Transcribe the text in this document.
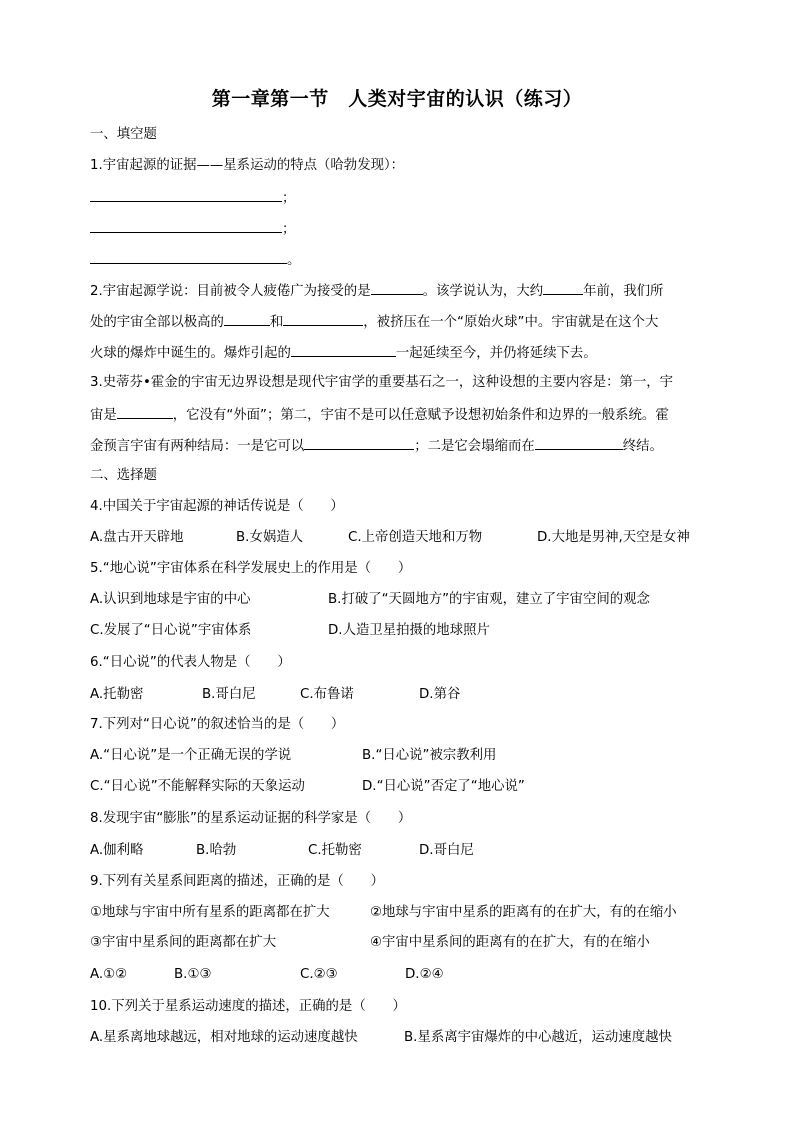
第一章第一节　人类对宇宙的认识（练习）
一、填空题
1.宇宙起源的证据——星系运动的特点（哈勃发现）：
；
；
。
2.宇宙起源学说：目前被令人疲倦广为接受的是	。该学说认为，大约	年前，我们所
处的宇宙全部以极高的	和	，被挤压在一个“原始火球”中。宇宙就是在这个大
火球的爆炸中诞生的。爆炸引起的	一起延续至今，并仍将延续下去。
3.史蒂芬•霍金的宇宙无边界设想是现代宇宙学的重要基石之一，这种设想的主要内容是：第一，宇
宙是	，它没有“外面”；第二，宇宙不是可以任意赋予设想初始条件和边界的一般系统。霍
金预言宇宙有两种结局：一是它可以	；二是它会塌缩而在	终结。
二、选择题
4.中国关于宇宙起源的神话传说是（　　）
A.盘古开天辟地	B.女娲造人	C.上帝创造天地和万物	D.大地是男神,天空是女神
5.“地心说”宇宙体系在科学发展史上的作用是（　　）
A.认识到地球是宇宙的中心	B.打破了“天圆地方”的宇宙观，建立了宇宙空间的观念
C.发展了“日心说”宇宙体系	D.人造卫星拍摄的地球照片
6.“日心说”的代表人物是（　　）
A.托勒密	B.哥白尼	C.布鲁诺	D.第谷
7.下列对“日心说”的叙述恰当的是（　　）
A.“日心说”是一个正确无误的学说	B.“日心说”被宗教利用
C.“日心说”不能解释实际的天象运动	D.“日心说”否定了“地心说”
8.发现宇宙“膨胀”的星系运动证据的科学家是（　　）
A.伽利略	B.哈勃	C.托勒密	D.哥白尼
9.下列有关星系间距离的描述，正确的是（　　）
①地球与宇宙中所有星系的距离都在扩大	②地球与宇宙中星系的距离有的在扩大，有的在缩小
③宇宙中星系间的距离都在扩大	④宇宙中星系间的距离有的在扩大，有的在缩小
A.①②	B.①③	C.②③	D.②④
10.下列关于星系运动速度的描述，正确的是（　　）
A.星系离地球越远，相对地球的运动速度越快	B.星系离宇宙爆炸的中心越近，运动速度越快
